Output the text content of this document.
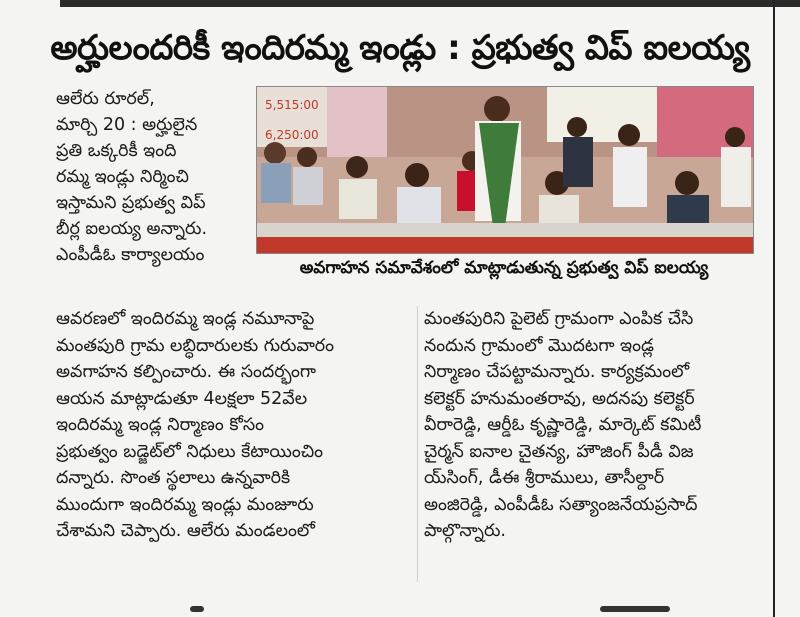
అర్హులందరికీ ఇందిరమ్మ ఇండ్లు : ప్రభుత్వ విప్ ఐలయ్య
ఆలేరు రూరల్,
మార్చి 20 : అర్హులైన
ప్రతి ఒక్కరికీ ఇంది
రమ్మ ఇండ్లు నిర్మించి
ఇస్తామని ప్రభుత్వ విప్
బీర్ల ఐలయ్య అన్నారు.
ఎంపీడీఓ కార్యాలయం
5,515:00
6,250:00
అవగాహన సమావేశంలో మాట్లాడుతున్న ప్రభుత్వ విప్ ఐలయ్య
ఆవరణలో ఇందిరమ్మ ఇండ్ల నమూనాపై
మంతపురి గ్రామ లబ్ధిదారులకు గురువారం
అవగాహన కల్పించారు. ఈ సందర్భంగా
ఆయన మాట్లాడుతూ 4లక్షలా 52వేల
ఇందిరమ్మ ఇండ్ల నిర్మాణం కోసం
ప్రభుత్వం బడ్జెట్‌లో నిధులు కేటాయించిం
దన్నారు. సొంత స్థలాలు ఉన్నవారికి
ముందుగా ఇందిరమ్మ ఇండ్లు మంజూరు
చేశామని చెప్పారు. ఆలేరు మండలంలో
మంతపురిని పైలెట్ గ్రామంగా ఎంపిక చేసి
నందున గ్రామంలో మొదటగా ఇండ్ల
నిర్మాణం చేపట్టామన్నారు. కార్యక్రమంలో
కలెక్టర్ హనుమంతరావు, అదనపు కలెక్టర్
వీరారెడ్డి, ఆర్డీఓ కృష్ణారెడ్డి, మార్కెట్ కమిటీ
చైర్మన్ ఐనాల చైతన్య, హౌజింగ్ పీడీ విజ
య్‌సింగ్, డీఈ శ్రీరాములు, తాసీల్దార్
అంజిరెడ్డి, ఎంపీడీఓ సత్యాంజనేయప్రసాద్
పాల్గొన్నారు.
